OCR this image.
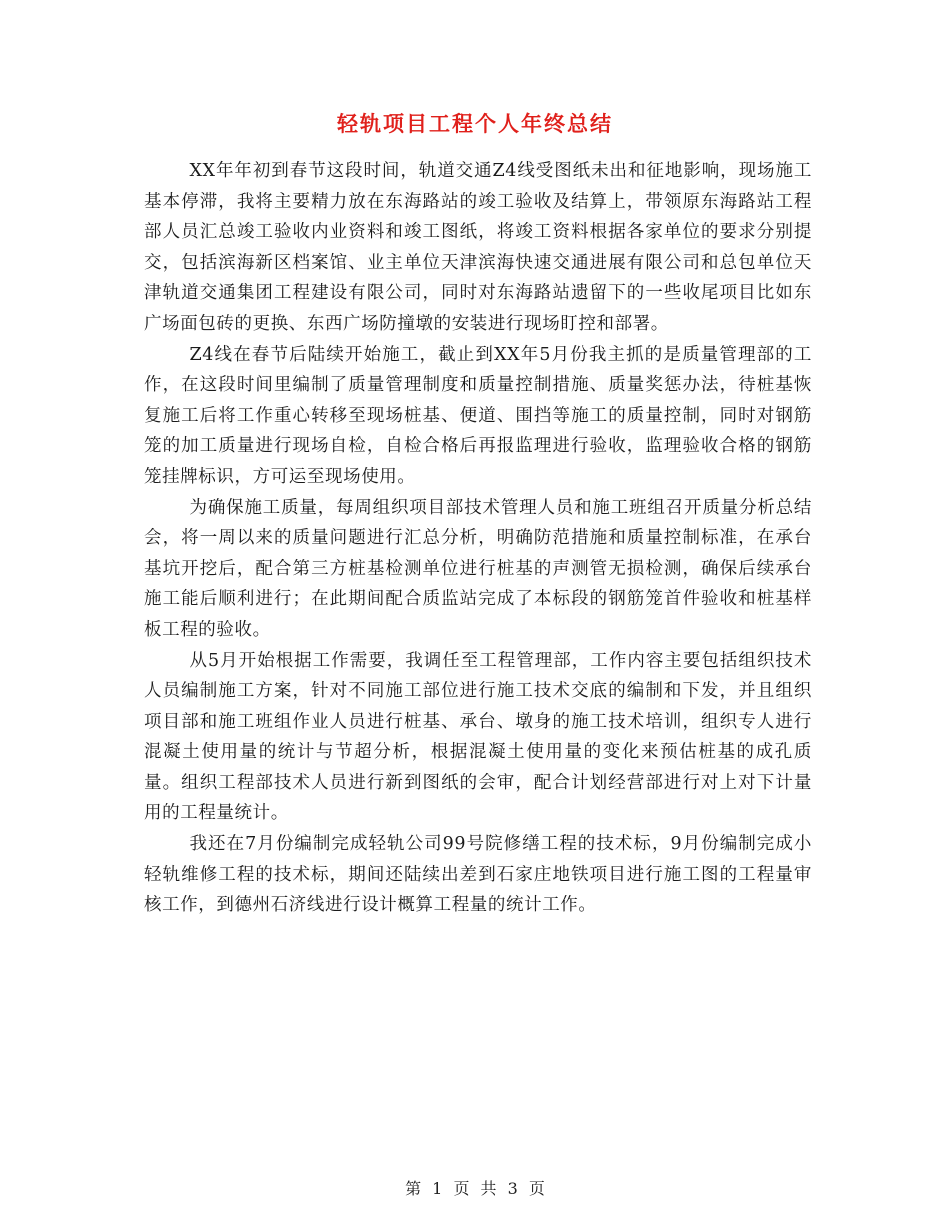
轻轨项目工程个人年终总结

XX年年初到春节这段时间，轨道交通Z4线受图纸未出和征地影响，现场施工基本停滞，我将主要精力放在东海路站的竣工验收及结算上，带领原东海路站工程部人员汇总竣工验收内业资料和竣工图纸，将竣工资料根据各家单位的要求分别提交，包括滨海新区档案馆、业主单位天津滨海快速交通进展有限公司和总包单位天津轨道交通集团工程建设有限公司，同时对东海路站遗留下的一些收尾项目比如东广场面包砖的更换、东西广场防撞墩的安装进行现场盯控和部署。

Z4线在春节后陆续开始施工，截止到XX年5月份我主抓的是质量管理部的工作，在这段时间里编制了质量管理制度和质量控制措施、质量奖惩办法，待桩基恢复施工后将工作重心转移至现场桩基、便道、围挡等施工的质量控制，同时对钢筋笼的加工质量进行现场自检，自检合格后再报监理进行验收，监理验收合格的钢筋笼挂牌标识，方可运至现场使用。

为确保施工质量，每周组织项目部技术管理人员和施工班组召开质量分析总结会，将一周以来的质量问题进行汇总分析，明确防范措施和质量控制标准，在承台基坑开挖后，配合第三方桩基检测单位进行桩基的声测管无损检测，确保后续承台施工能后顺利进行；在此期间配合质监站完成了本标段的钢筋笼首件验收和桩基样板工程的验收。

从5月开始根据工作需要，我调任至工程管理部，工作内容主要包括组织技术人员编制施工方案，针对不同施工部位进行施工技术交底的编制和下发，并且组织项目部和施工班组作业人员进行桩基、承台、墩身的施工技术培训，组织专人进行混凝土使用量的统计与节超分析，根据混凝土使用量的变化来预估桩基的成孔质量。组织工程部技术人员进行新到图纸的会审，配合计划经营部进行对上对下计量用的工程量统计。

我还在7月份编制完成轻轨公司99号院修缮工程的技术标，9月份编制完成小轻轨维修工程的技术标，期间还陆续出差到石家庄地铁项目进行施工图的工程量审核工作，到德州石济线进行设计概算工程量的统计工作。

第 1 页 共 3 页
